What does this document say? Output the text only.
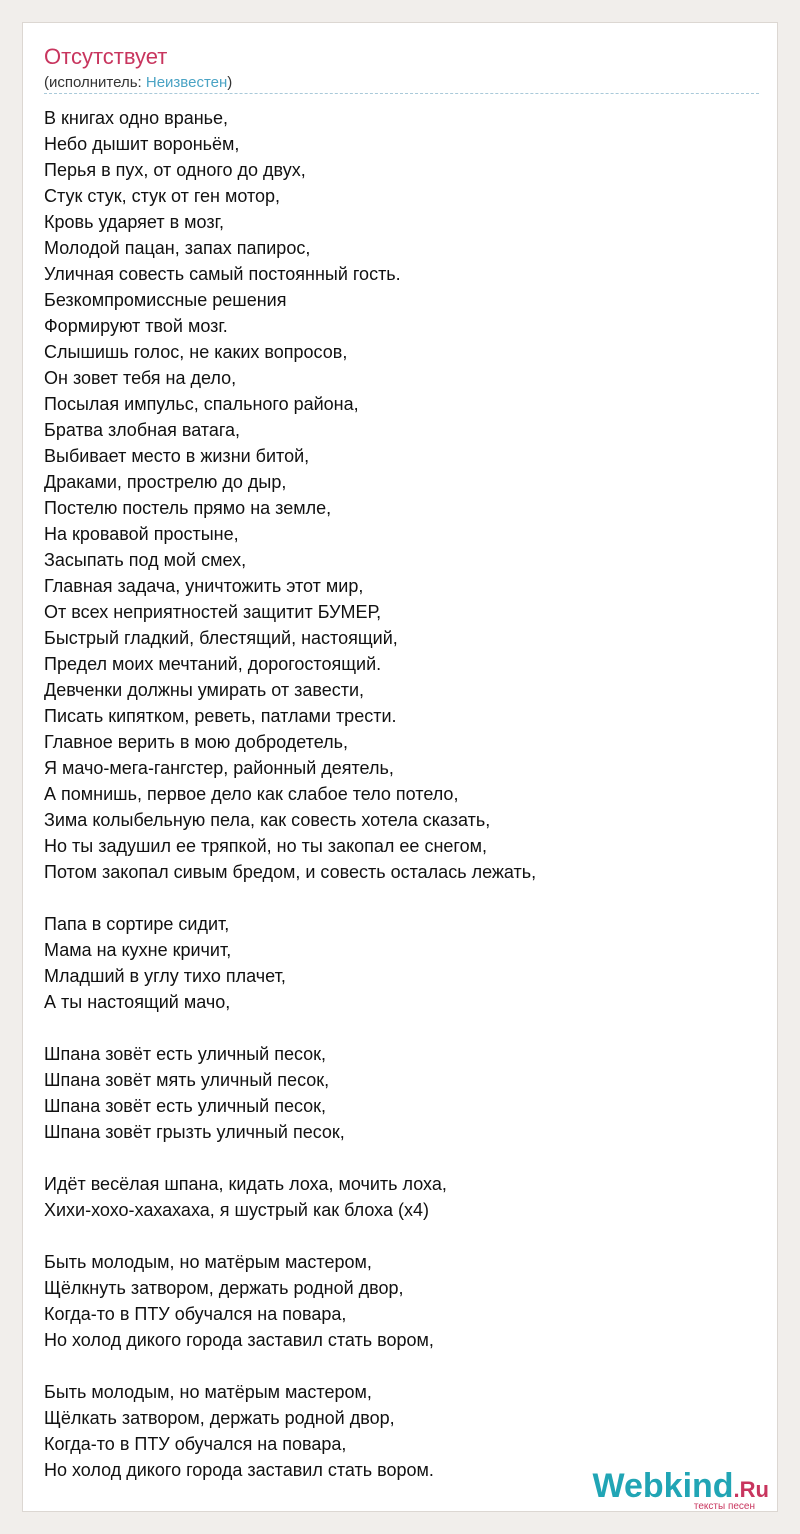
Отсутствует
(исполнитель: Неизвестен)
В книгах одно вранье,
Небо дышит вороньём,
Перья в пух, от одного до двух,
Стук стук, стук от ген мотор,
Кровь ударяет в мозг,
Молодой пацан, запах папирос,
Уличная совесть самый постоянный гость.
Безкомпромиссные решения
Формируют твой мозг.
Слышишь голос, не каких вопросов,
Он зовет тебя на дело,
Посылая импульс, спального района,
Братва злобная ватага,
Выбивает место в жизни битой,
Драками, прострелю до дыр,
Постелю постель прямо на земле,
На кровавой простыне,
Засыпать под мой смех,
Главная задача, уничтожить этот мир,
От всех неприятностей защитит БУМЕР,
Быстрый гладкий, блестящий, настоящий,
Предел моих мечтаний, дорогостоящий.
Девченки должны умирать от завести,
Писать кипятком, реветь, патлами трести.
Главное верить в мою добродетель,
Я мачо-мега-гангстер, районный деятель,
А помнишь, первое дело как слабое тело потело,
Зима колыбельную пела, как совесть хотела сказать,
Но ты задушил ее тряпкой, но ты закопал ее снегом,
Потом закопал сивым бредом, и совесть осталась лежать,
Папа в сортире сидит,
Мама на кухне кричит,
Младший в углу тихо плачет,
А ты настоящий мачо,
Шпана зовёт есть уличный песок,
Шпана зовёт мять уличный песок,
Шпана зовёт есть уличный песок,
Шпана зовёт грызть уличный песок,
Идёт весёлая шпана, кидать лоха, мочить лоха,
Хихи-хохо-хахахаха, я шустрый как блоха (x4)
Быть молодым, но матёрым мастером,
Щёлкнуть затвором, держать родной двор,
Когда-то в ПТУ обучался на повара,
Но холод дикого города заставил стать вором,
Быть молодым, но матёрым мастером,
Щёлкать затвором, держать родной двор,
Когда-то в ПТУ обучался на повара,
Но холод дикого города заставил стать вором.	Webkind.Ru
тексты песен
